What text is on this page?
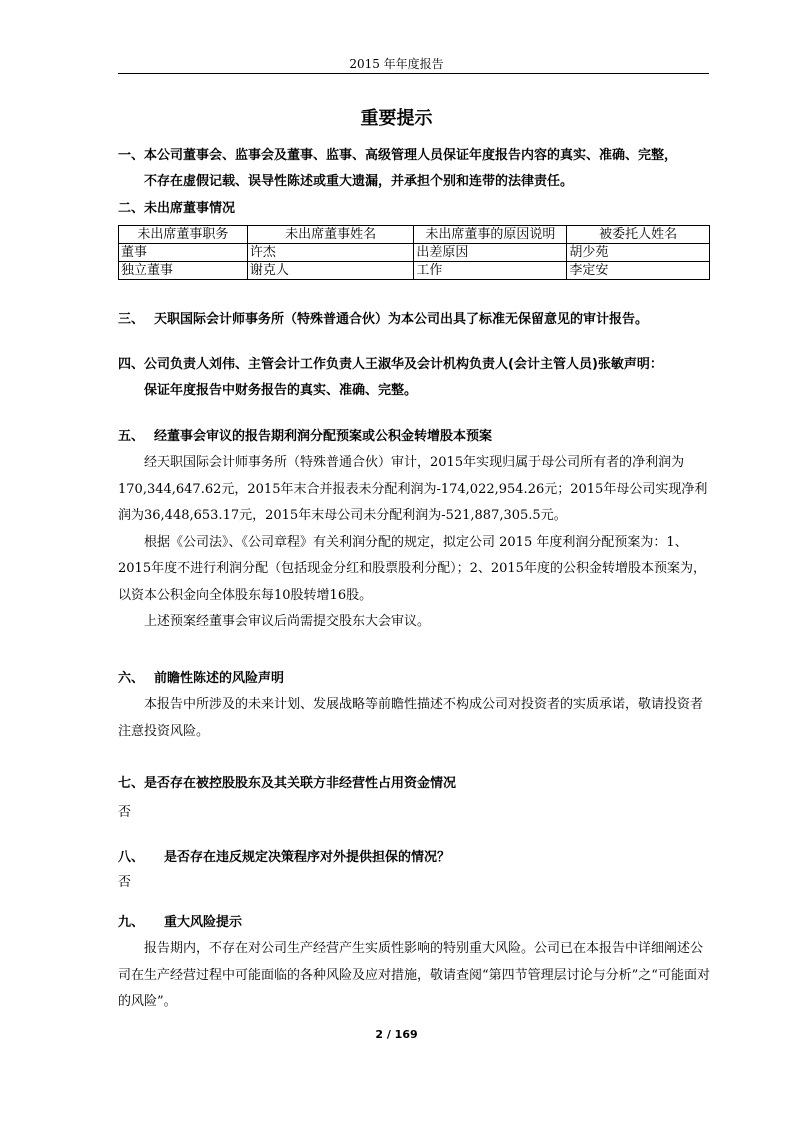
2015 年年度报告
重要提示
一、本公司董事会、监事会及董事、监事、高级管理人员保证年度报告内容的真实、准确、完整，
不存在虚假记载、误导性陈述或重大遗漏，并承担个别和连带的法律责任。
二、未出席董事情况
未出席董事职务	未出席董事姓名	未出席董事的原因说明	被委托人姓名
董事	许杰	出差原因	胡少苑
独立董事	谢克人	工作	李定安
三、 天职国际会计师事务所（特殊普通合伙）为本公司出具了标准无保留意见的审计报告。
四、公司负责人刘伟、主管会计工作负责人王淑华及会计机构负责人(会计主管人员)张敏声明：
保证年度报告中财务报告的真实、准确、完整。
五、 经董事会审议的报告期利润分配预案或公积金转增股本预案

经天职国际会计师事务所（特殊普通合伙）审计，2015年实现归属于母公司所有者的净利润为170,344,647.62元，2015年末合并报表未分配利润为-174,022,954.26元；2015年母公司实现净利润为36,448,653.17元，2015年末母公司未分配利润为-521,887,305.5元。

根据《公司法》、《公司章程》有关利润分配的规定，拟定公司 2015 年度利润分配预案为：1、2015年度不进行利润分配（包括现金分红和股票股利分配）；2、2015年度的公积金转增股本预案为，以资本公积金向全体股东每10股转增16股。

上述预案经董事会审议后尚需提交股东大会审议。

六、 前瞻性陈述的风险声明

本报告中所涉及的未来计划、发展战略等前瞻性描述不构成公司对投资者的实质承诺，敬请投资者注意投资风险。

七、是否存在被控股股东及其关联方非经营性占用资金情况
否
八、 是否存在违反规定决策程序对外提供担保的情况？
否
九、 重大风险提示

报告期内，不存在对公司生产经营产生实质性影响的特别重大风险。公司已在本报告中详细阐述公司在生产经营过程中可能面临的各种风险及应对措施，敬请查阅“第四节管理层讨论与分析”之“可能面对的风险”。

2 / 169
